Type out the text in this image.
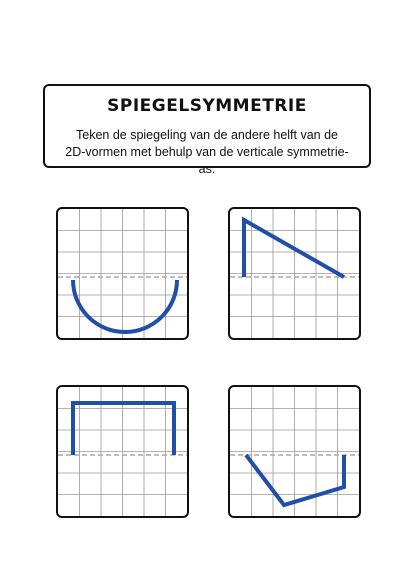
SPIEGELSYMMETRIE
Teken de spiegeling van de andere helft van de 2D-vormen met behulp van de verticale symmetrie-as.
